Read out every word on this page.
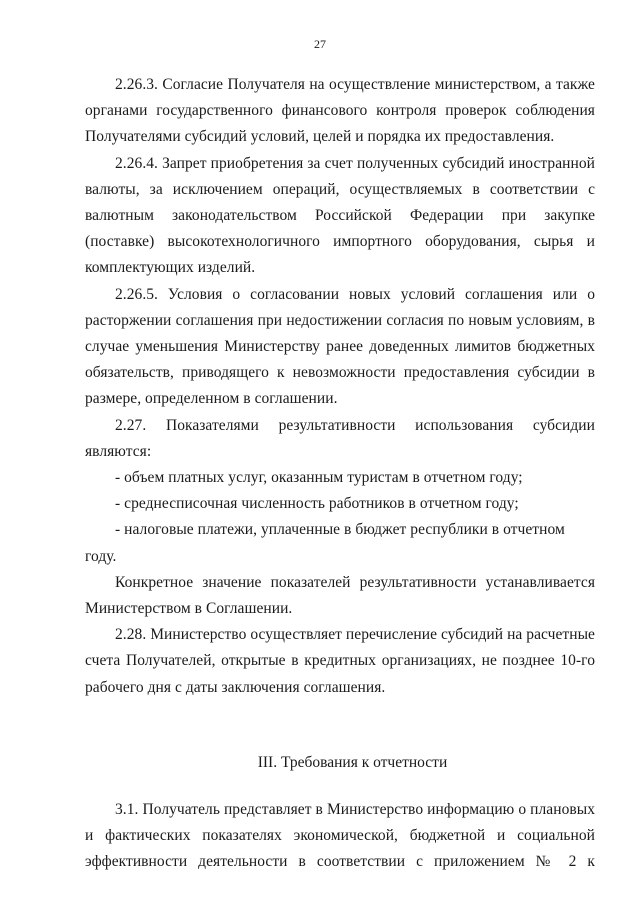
27

2.26.3. Согласие Получателя на осуществление министерством, а также органами государственного финансового контроля проверок соблюдения Получателями субсидий условий, целей и порядка их предоставления.

2.26.4. Запрет приобретения за счет полученных субсидий иностранной валюты, за исключением операций, осуществляемых в соответствии с валютным законодательством Российской Федерации при закупке (поставке) высокотехнологичного импортного оборудования, сырья и комплектующих изделий.

2.26.5. Условия о согласовании новых условий соглашения или о расторжении соглашения при недостижении согласия по новым условиям, в случае уменьшения Министерству ранее доведенных лимитов бюджетных обязательств, приводящего к невозможности предоставления субсидии в размере, определенном в соглашении.

2.27. Показателями результативности использования субсидии являются:

- объем платных услуг, оказанным туристам в отчетном году;

- среднесписочная численность работников в отчетном году;

- налоговые платежи, уплаченные в бюджет республики в отчетном году.

Конкретное значение показателей результативности устанавливается Министерством в Соглашении.

2.28. Министерство осуществляет перечисление субсидий на расчетные счета Получателей, открытые в кредитных организациях, не позднее 10-го рабочего дня с даты заключения соглашения.

III. Требования к отчетности

3.1. Получатель представляет в Министерство информацию о плановых и фактических показателях экономической, бюджетной и социальной эффективности деятельности в соответствии с приложением № 2 к
